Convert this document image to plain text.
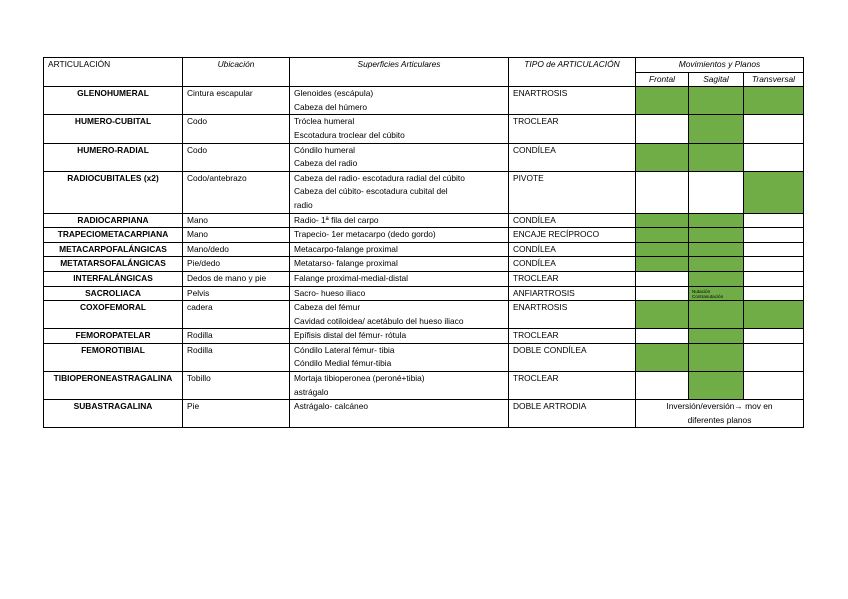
ARTICULACIÓN	Ubicación	Superficies Articulares	TIPO de ARTICULACIÓN	Movimientos y Planos		
				Frontal	Sagital	Transversal
GLENOHUMERAL	Cintura escapular	Glenoides (escápula)
Cabeza del húmero	ENARTROSIS			
HUMERO-CUBITAL	Codo	Tróclea humeral
Escotadura troclear del cúbito	TROCLEAR			
HUMERO-RADIAL	Codo	Cóndilo humeral
Cabeza del radio	CONDÍLEA			
RADIOCUBITALES (x2)	Codo/antebrazo	Cabeza del radio- escotadura radial del cúbito
Cabeza del cúbito- escotadura cubital del
radio	PIVOTE			
RADIOCARPIANA	Mano	Radio- 1ª fila del carpo	CONDÍLEA			
TRAPECIOMETACARPIANA	Mano	Trapecio- 1er metacarpo (dedo gordo)	ENCAJE RECÍPROCO			
METACARPOFALÁNGICAS	Mano/dedo	Metacarpo-falange proximal	CONDÍLEA			
METATARSOFALÁNGICAS	Pie/dedo	Metatarso- falange proximal	CONDÍLEA			
INTERFALÁNGICAS	Dedos de mano y pie	Falange proximal-medial-distal	TROCLEAR			
SACROLIACA	Pelvis	Sacro- hueso iliaco	ANFIARTROSIS		Nutación
Contranutación	

COXOFEMORAL	cadera	Cabeza del fémur
Cavidad cotiloidea/ acetábulo del hueso iliaco	ENARTROSIS			
FEMOROPATELAR	Rodilla	Epífisis distal del fémur- rótula	TROCLEAR			
FEMOROTIBIAL	Rodilla	Cóndilo Lateral fémur- tibia
Cóndilo Medial fémur-tibia	DOBLE CONDÍLEA			
TIBIOPERONEASTRAGALINA	Tobillo	Mortaja tibioperonea (peroné+tibia)
astrágalo	TROCLEAR			
SUBASTRAGALINA	Pie	Astrágalo- calcáneo	DOBLE ARTRODIA	Inversión/eversión→ mov en
diferentes planos		
